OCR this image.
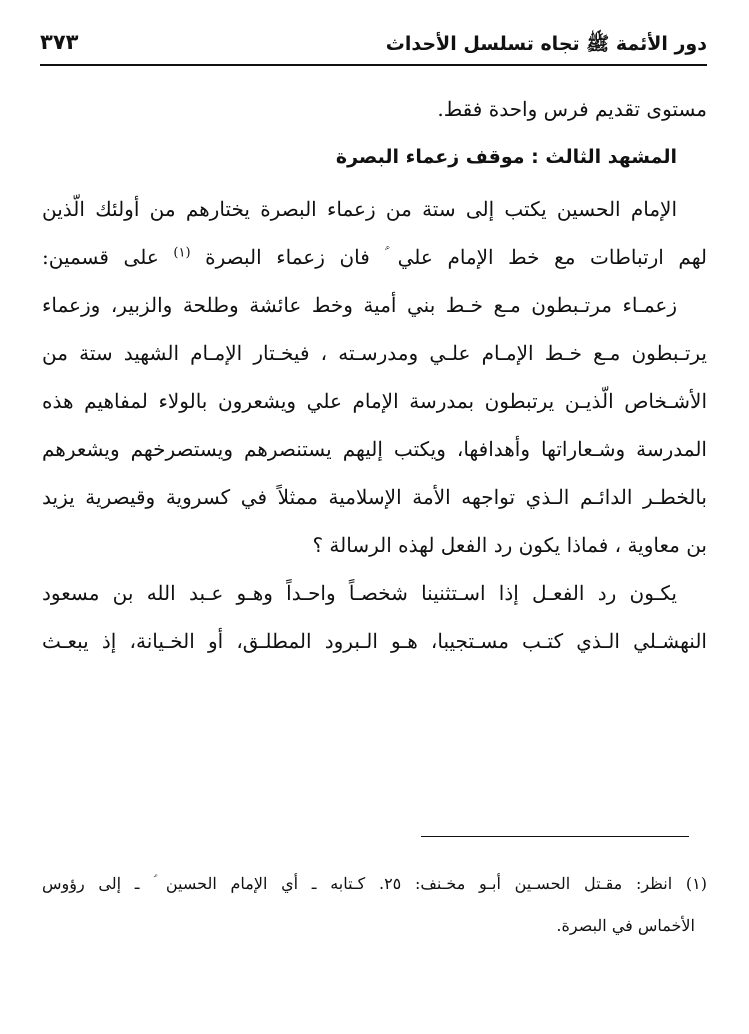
دور الأئمة ﷺ تجاه تسلسل الأحداث
٣٧٣
مستوى تقديم فرس واحدة فقط.
المشهد الثالث : موقف زعماء البصرة
الإمام الحسين يكتب إلى ستة من زعماء البصرة يختارهم من أولئك الّذين
لهم ارتباطات مع خط الإمام علي ؑ فان زعماء البصرة $^{(١)}$ على قسمين:
زعمـاء مرتـبطون مـع خـط بني أمية وخط عائشة وطلحة والزبير، وزعماء
يرتـبطون مـع خـط الإمـام علـي ومدرسـته ، فيخـتار الإمـام الشهيد ستة من
الأشـخاص الّذيـن يرتبطون بمدرسة الإمام علي ويشعرون بالولاء لمفاهيم هذه
المدرسة وشـعاراتها وأهدافها، ويكتب إليهم يستنصرهم ويستصرخهم ويشعرهم
بالخطـر الدائـم الـذي تواجهه الأمة الإسلامية ممثلاً في كسروية وقيصرية يزيد
بن معاوية ، فماذا يكون رد الفعل لهذه الرسالة ؟
يكـون رد الفعـل إذا اسـتثنينا شخصـاً واحـداً وهـو عـبد الله بن مسعود
النهشـلي الـذي كتـب مسـتجيبا، هـو الـبرود المطلـق، أو الخـيانة، إذ يبعـث
(١) انظر: مقـتل الحسـين أبـو مخـنف: ٢٥. كـتابه ـ أي الإمام الحسين ؑ ـ إلى رؤوس
الأخماس في البصرة.
